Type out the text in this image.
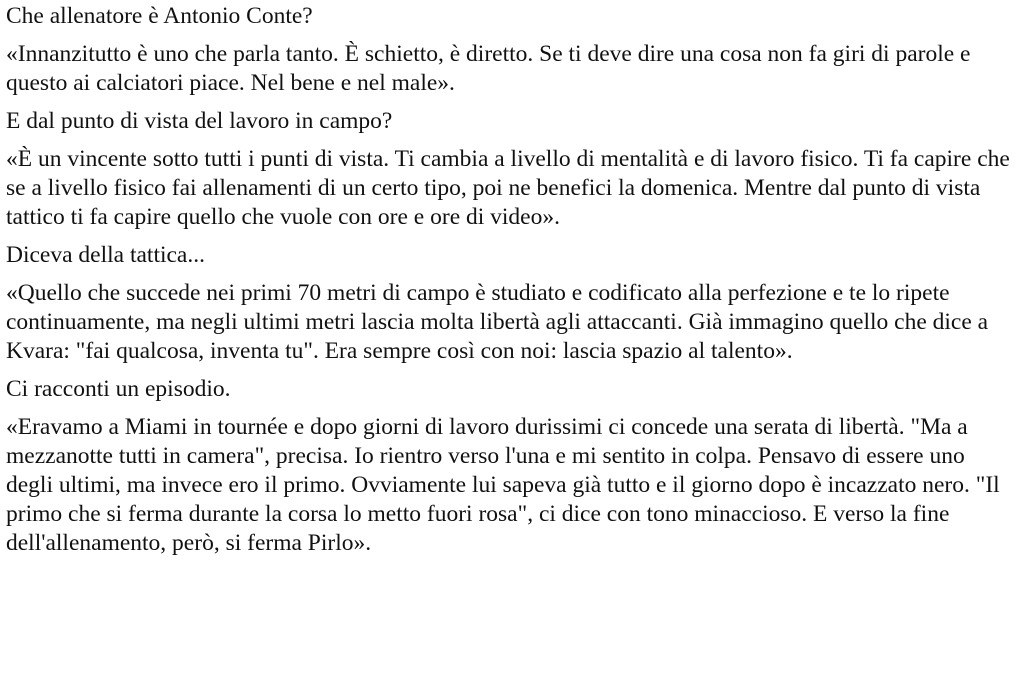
Che allenatore è Antonio Conte?

«Innanzitutto è uno che parla tanto. È schietto, è diretto. Se ti deve dire una cosa non fa giri di parole e questo ai calciatori piace. Nel bene e nel male».

E dal punto di vista del lavoro in campo?

«È un vincente sotto tutti i punti di vista. Ti cambia a livello di mentalità e di lavoro fisico. Ti fa capire che se a livello fisico fai allenamenti di un certo tipo, poi ne benefici la domenica. Mentre dal punto di vista tattico ti fa capire quello che vuole con ore e ore di video».

Diceva della tattica...

«Quello che succede nei primi 70 metri di campo è studiato e codificato alla perfezione e te lo ripete continuamente, ma negli ultimi metri lascia molta libertà agli attaccanti. Già immagino quello che dice a Kvara: "fai qualcosa, inventa tu". Era sempre così con noi: lascia spazio al talento».

Ci racconti un episodio.

«Eravamo a Miami in tournée e dopo giorni di lavoro durissimi ci concede una serata di libertà. "Ma a mezzanotte tutti in camera", precisa. Io rientro verso l'una e mi sentito in colpa. Pensavo di essere uno degli ultimi, ma invece ero il primo. Ovviamente lui sapeva già tutto e il giorno dopo è incazzato nero. "Il primo che si ferma durante la corsa lo metto fuori rosa", ci dice con tono minaccioso. E verso la fine dell'allenamento, però, si ferma Pirlo».
